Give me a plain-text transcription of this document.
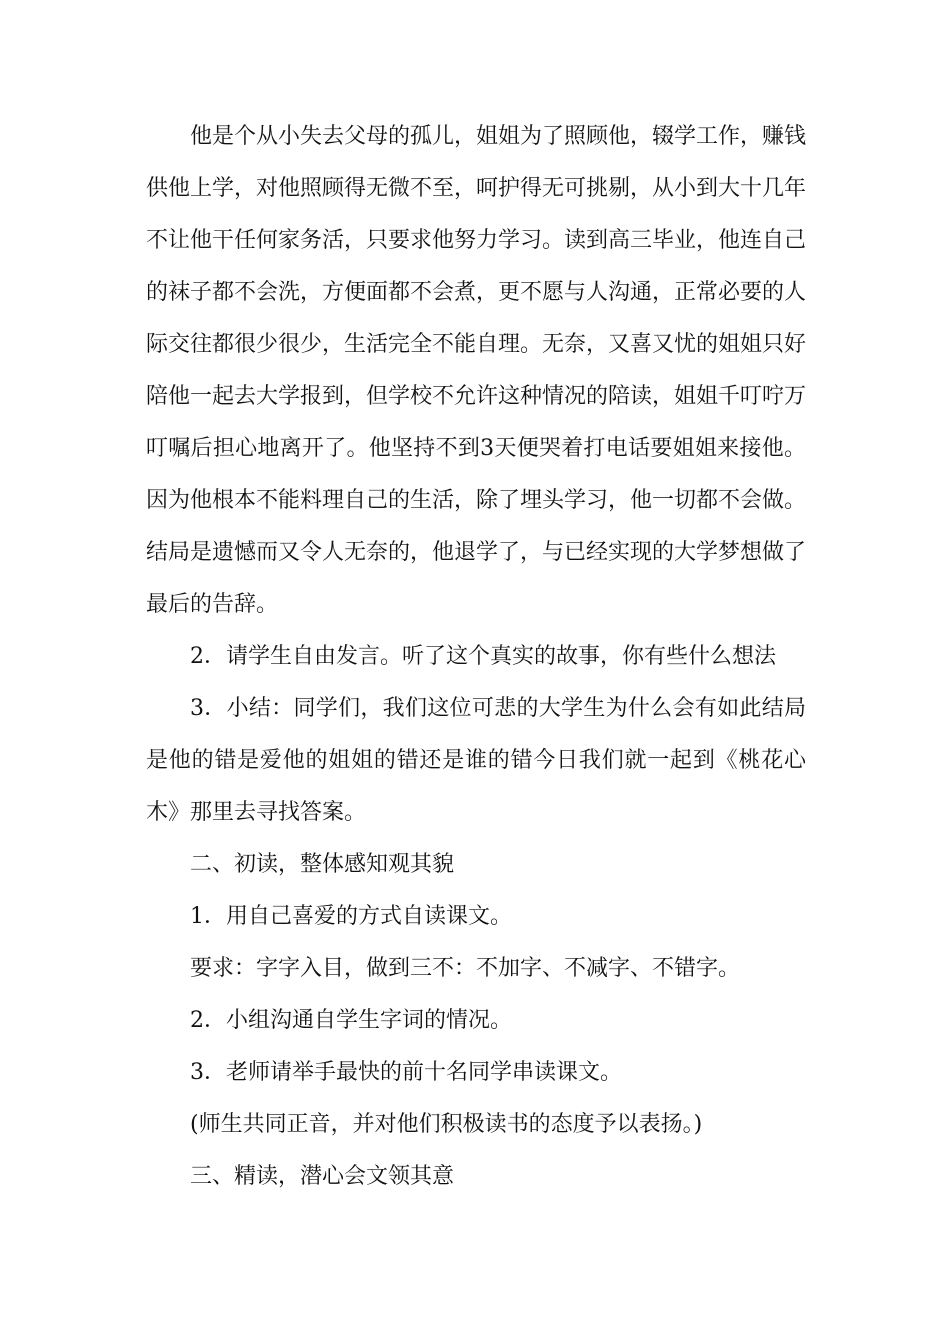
他是个从小失去父母的孤儿，姐姐为了照顾他，辍学工作，赚钱供他上学，对他照顾得无微不至，呵护得无可挑剔，从小到大十几年不让他干任何家务活，只要求他努力学习。读到高三毕业，他连自己的袜子都不会洗，方便面都不会煮，更不愿与人沟通，正常必要的人际交往都很少很少，生活完全不能自理。无奈，又喜又忧的姐姐只好陪他一起去大学报到，但学校不允许这种情况的陪读，姐姐千叮咛万叮嘱后担心地离开了。他坚持不到3天便哭着打电话要姐姐来接他。因为他根本不能料理自己的生活，除了埋头学习，他一切都不会做。结局是遗憾而又令人无奈的，他退学了，与已经实现的大学梦想做了最后的告辞。

2．请学生自由发言。听了这个真实的故事，你有些什么想法

3．小结：同学们，我们这位可悲的大学生为什么会有如此结局是他的错是爱他的姐姐的错还是谁的错今日我们就一起到《桃花心木》那里去寻找答案。

二、初读，整体感知观其貌

1．用自己喜爱的方式自读课文。

要求：字字入目，做到三不：不加字、不减字、不错字。

2．小组沟通自学生字词的情况。

3．老师请举手最快的前十名同学串读课文。

(师生共同正音，并对他们积极读书的态度予以表扬。)

三、精读，潜心会文领其意
